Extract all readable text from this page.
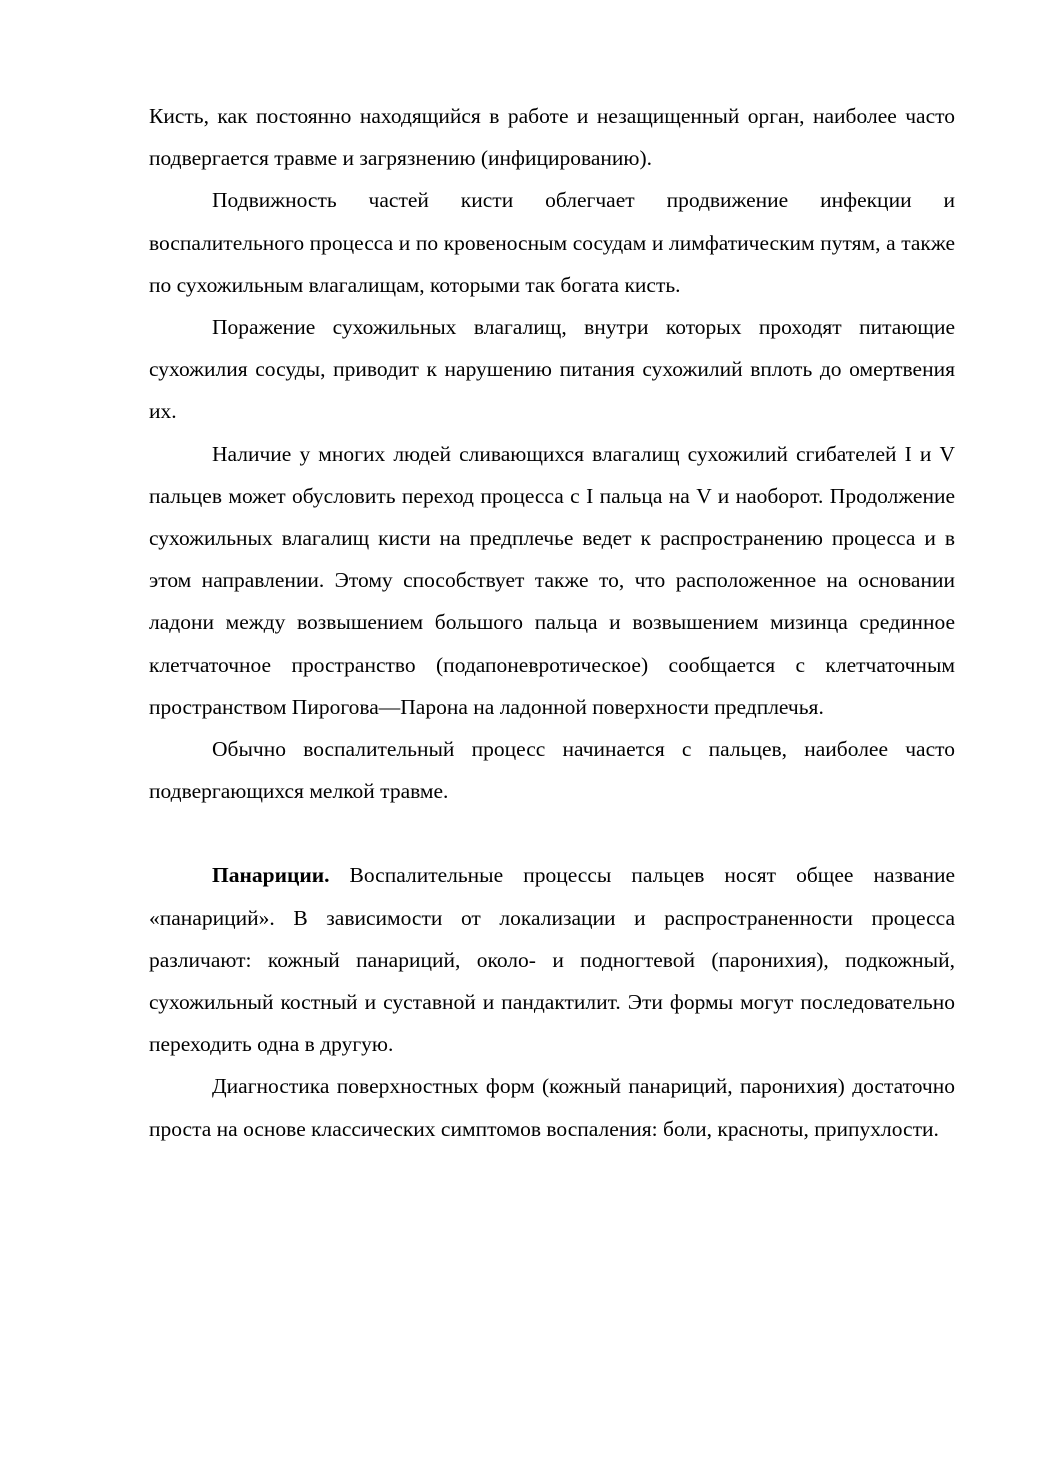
Кисть, как постоянно находящийся в работе и незащищенный орган, наиболее часто подвергается травме и загрязнению (инфицированию).

Подвижность частей кисти облегчает продвижение инфекции и воспалительного процесса и по кровеносным сосудам и лимфатическим путям, а также по сухожильным влагалищам, которыми так богата кисть.

Поражение сухожильных влагалищ, внутри которых проходят питающие сухожилия сосуды, приводит к нарушению питания сухожилий вплоть до омертвения их.

Наличие у многих людей сливающихся влагалищ сухожилий сгибателей I и V пальцев может обусловить переход процесса с I пальца на V и наоборот. Продолжение сухожильных влагалищ кисти на предплечье ведет к распространению процесса и в этом направлении. Этому способствует также то, что расположенное на основании ладони между возвышением большого пальца и возвышением мизинца срединное клетчаточное пространство (подапоневротическое) сообщается с клетчаточным пространством Пирогова—Парона на ладонной поверхности предплечья.

Обычно воспалительный процесс начинается с пальцев, наиболее часто подвергающихся мелкой травме.

Панариции. Воспалительные процессы пальцев носят общее название «панариций». В зависимости от локализации и распространенности процесса различают: кожный панариций, около- и подногтевой (паронихия), подкожный, сухожильный костный и суставной и пандактилит. Эти формы могут последовательно переходить одна в другую.

Диагностика поверхностных форм (кожный панариций, паронихия) достаточно проста на основе классических симптомов воспаления: боли, красноты, припухлости.
